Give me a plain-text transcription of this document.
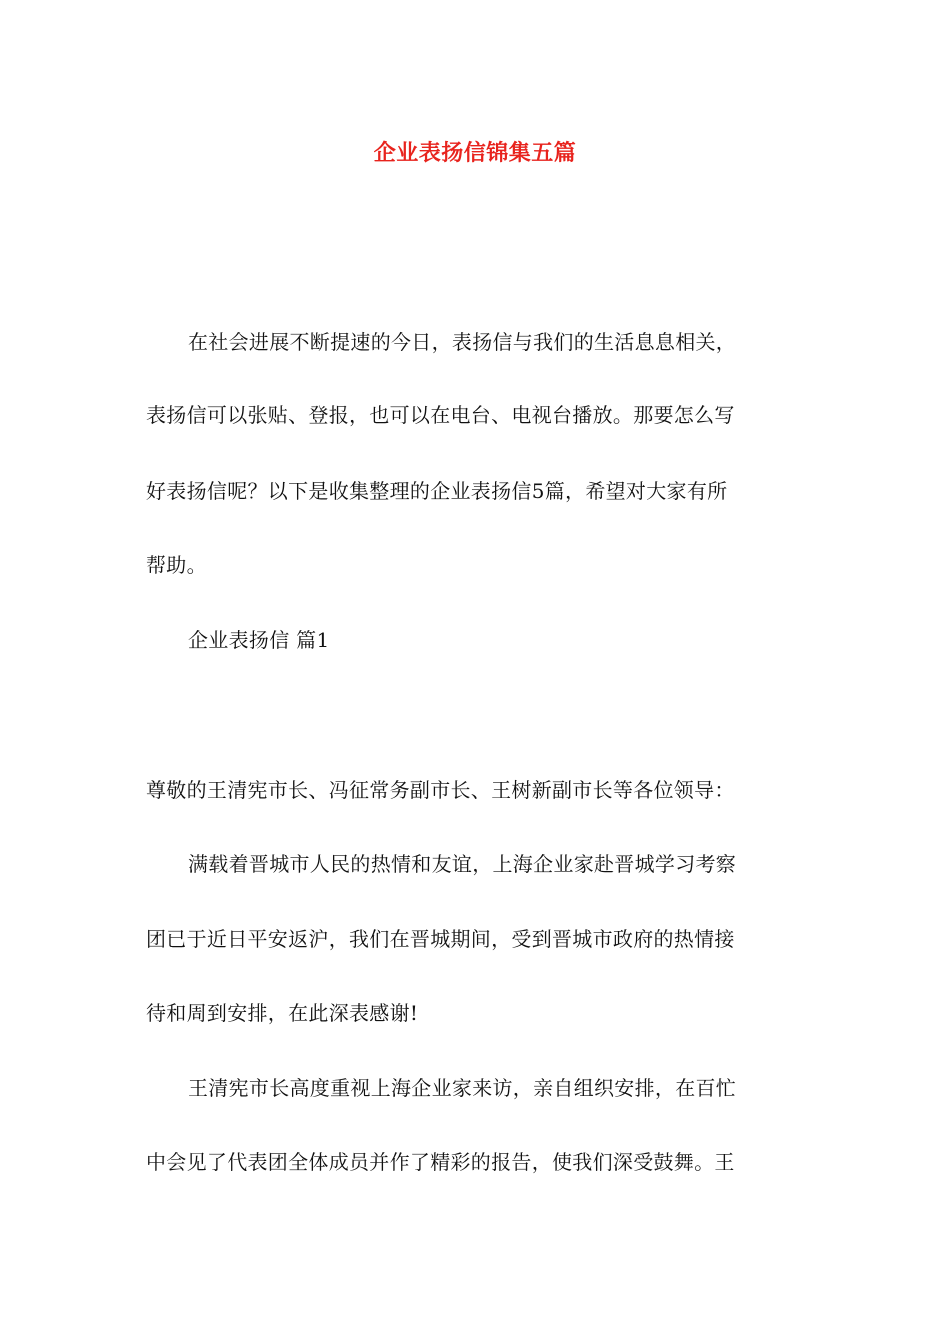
企业表扬信锦集五篇
在社会进展不断提速的今日，表扬信与我们的生活息息相关，
表扬信可以张贴、登报，也可以在电台、电视台播放。那要怎么写
好表扬信呢？以下是收集整理的企业表扬信5篇，希望对大家有所
帮助。
企业表扬信 篇1
尊敬的王清宪市长、冯征常务副市长、王树新副市长等各位领导：
满载着晋城市人民的热情和友谊，上海企业家赴晋城学习考察
团已于近日平安返沪，我们在晋城期间，受到晋城市政府的热情接
待和周到安排，在此深表感谢!
王清宪市长高度重视上海企业家来访，亲自组织安排，在百忙
中会见了代表团全体成员并作了精彩的报告，使我们深受鼓舞。王
